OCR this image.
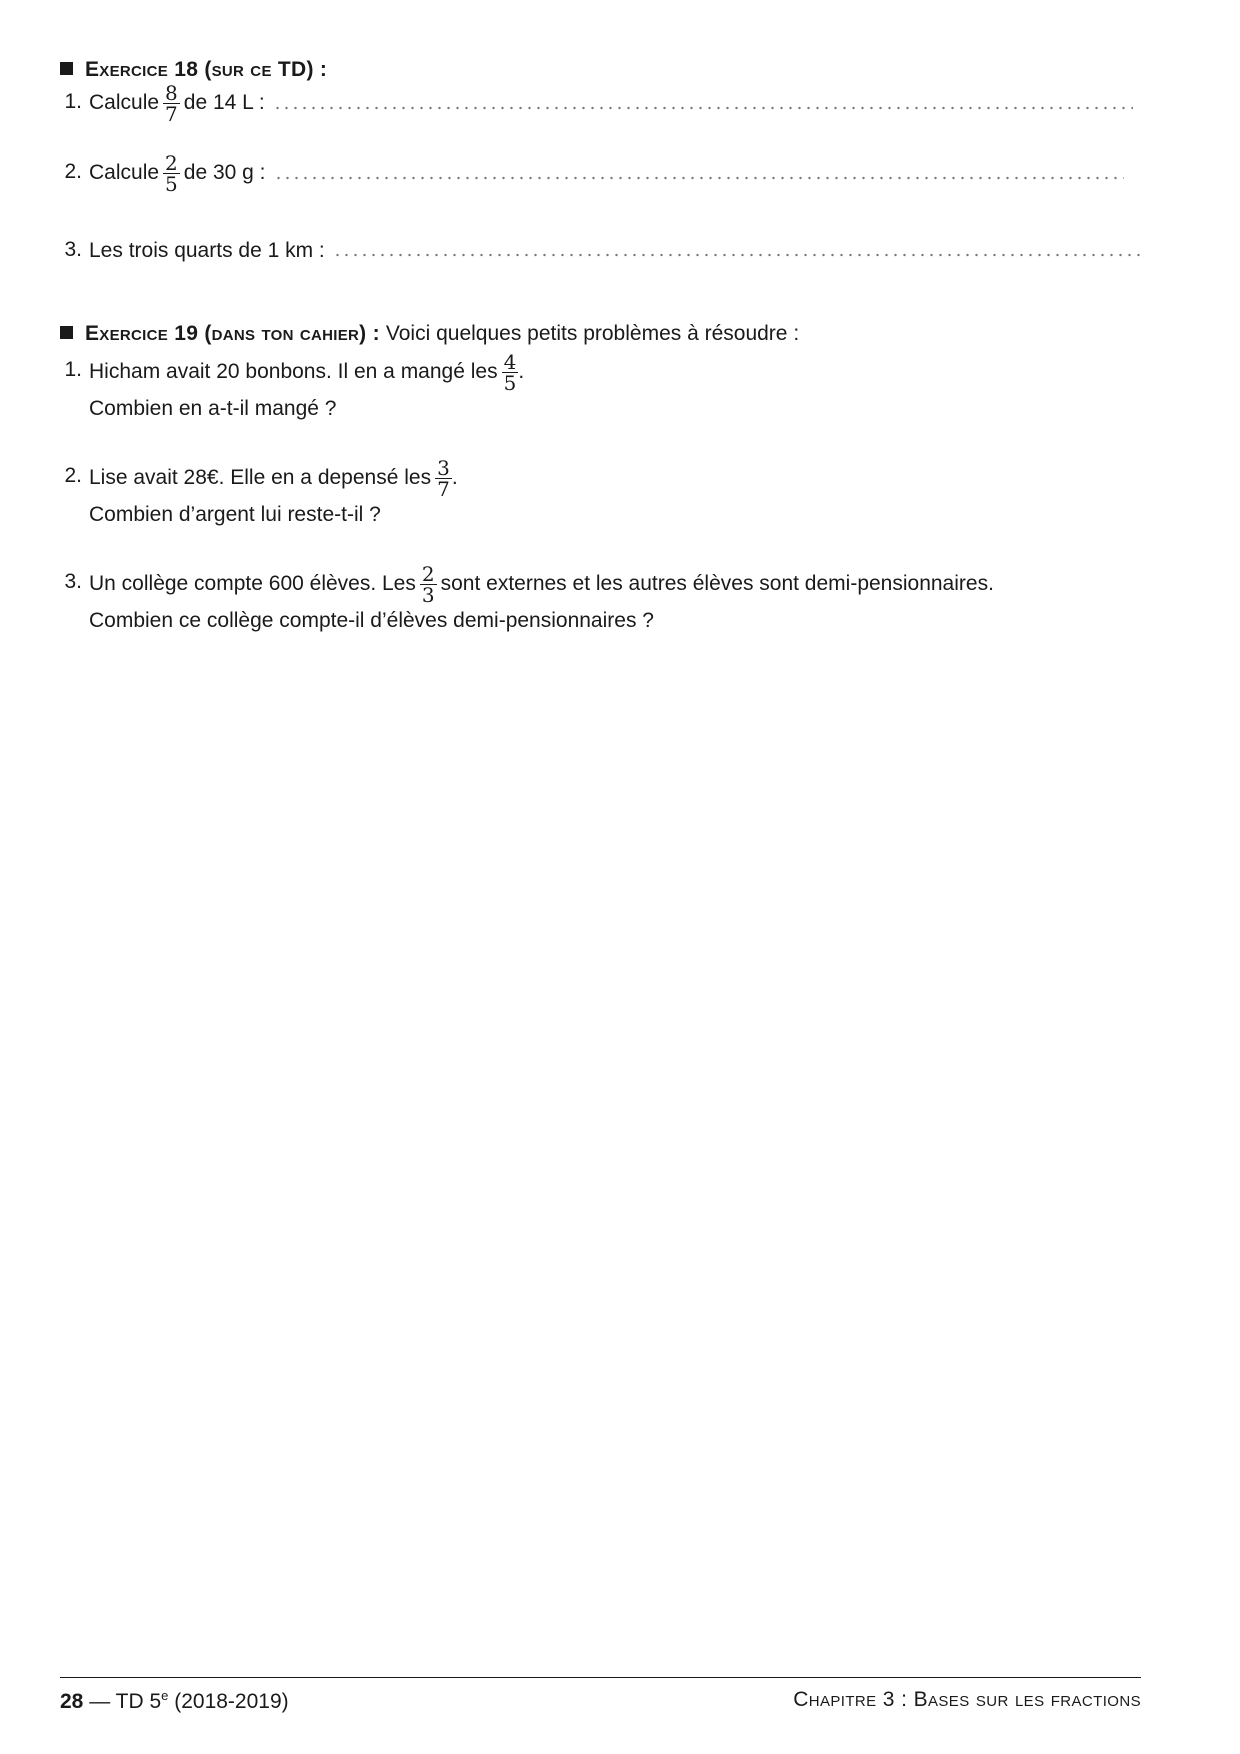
Exercice 18 (sur ce TD) :
1. Calcule $\frac{8}{7}$ de 14 L :
2. Calcule $\frac{2}{5}$ de 30 g :
3. Les trois quarts de 1 km :
Exercice 19 (dans ton cahier) : Voici quelques petits problèmes à résoudre :
1. Hicham avait 20 bonbons. Il en a mangé les $\frac{4}{5}$ .
Combien en a-t-il mangé ?
2. Lise avait 28€. Elle en a depensé les $\frac{3}{7}$ .
Combien d’argent lui reste-t-il ?
3. Un collège compte 600 élèves. Les $\frac{2}{3}$ sont externes et les autres élèves sont demi-pensionnaires.
Combien ce collège compte-il d’élèves demi-pensionnaires ?
28 — TD 5e (2018-2019)	Chapitre 3 : Bases sur les fractions
